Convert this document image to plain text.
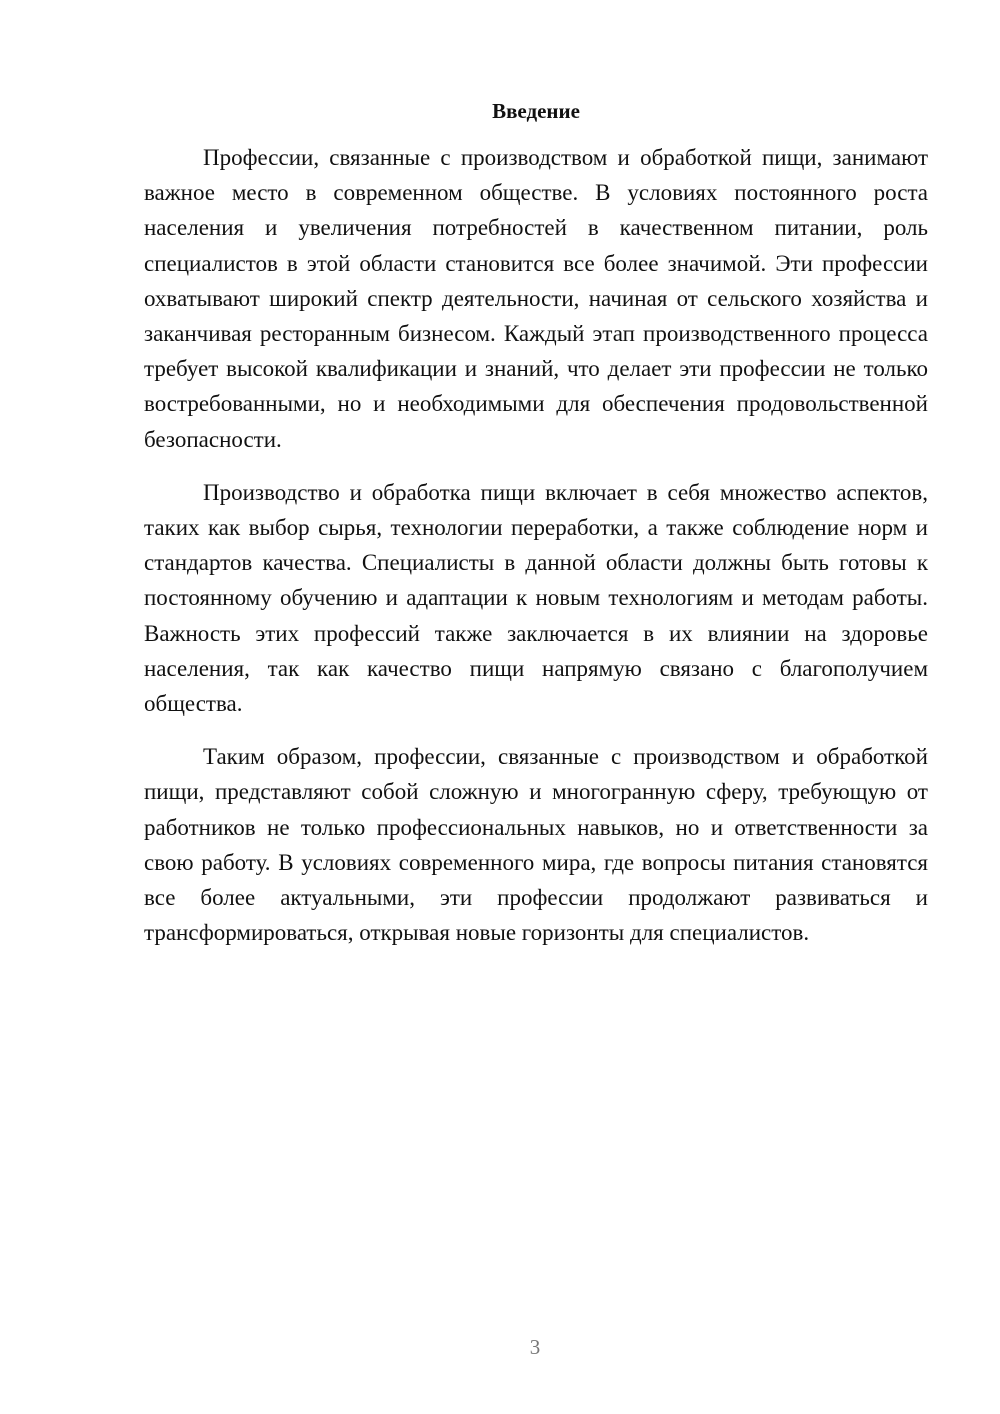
Введение

Профессии, связанные с производством и обработкой пищи, занимают важное место в современном обществе. В условиях постоянного роста населения и увеличения потребностей в качественном питании, роль специалистов в этой области становится все более значимой. Эти профессии охватывают широкий спектр деятельности, начиная от сельского хозяйства и заканчивая ресторанным бизнесом. Каждый этап производственного процесса требует высокой квалификации и знаний, что делает эти профессии не только востребованными, но и необходимыми для обеспечения продовольственной безопасности.

Производство и обработка пищи включает в себя множество аспектов, таких как выбор сырья, технологии переработки, а также соблюдение норм и стандартов качества. Специалисты в данной области должны быть готовы к постоянному обучению и адаптации к новым технологиям и методам работы. Важность этих профессий также заключается в их влиянии на здоровье населения, так как качество пищи напрямую связано с благополучием общества.

Таким образом, профессии, связанные с производством и обработкой пищи, представляют собой сложную и многогранную сферу, требующую от работников не только профессиональных навыков, но и ответственности за свою работу. В условиях современного мира, где вопросы питания становятся все более актуальными, эти профессии продолжают развиваться и трансформироваться, открывая новые горизонты для специалистов.

3
